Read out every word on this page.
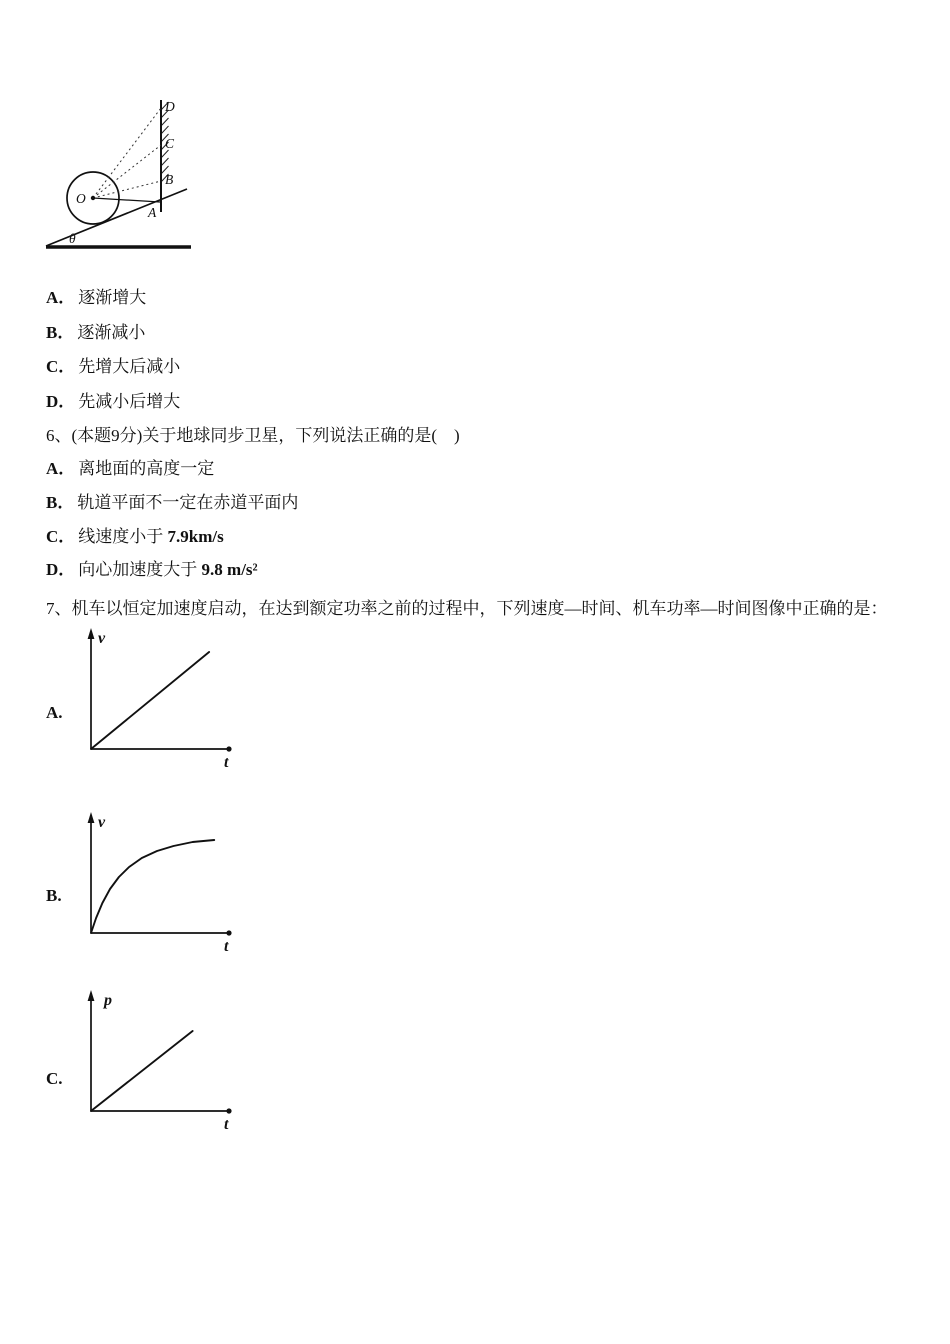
O
A
B
C
D
θ
A． 逐渐增大
B． 逐渐减小
C． 先增大后减小
D． 先减小后增大
6、(本题9分)关于地球同步卫星，下列说法正确的是(　)
A． 离地面的高度一定
B． 轨道平面不一定在赤道平面内
C． 线速度小于 7.9km/s
D． 向心加速度大于 9.8 m/s²
7、机车以恒定加速度启动，在达到额定功率之前的过程中，下列速度—时间、机车功率—时间图像中正确的是：
A.
v
t
B.
v
t
C.
p
t
